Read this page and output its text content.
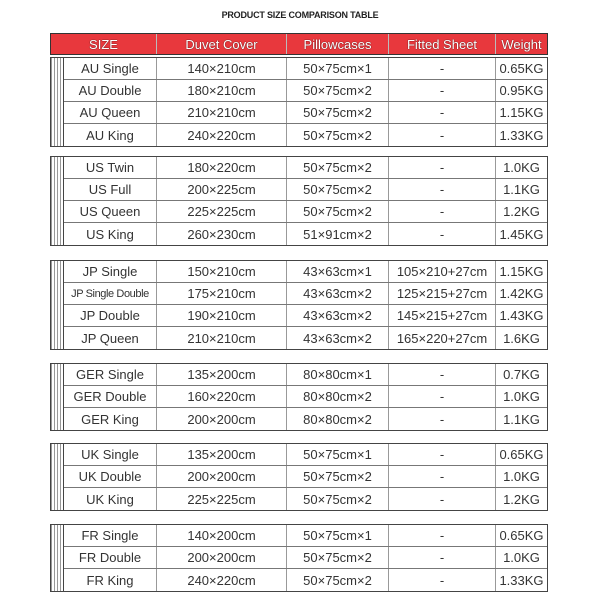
PRODUCT SIZE COMPARISON TABLE
SIZE	Duvet Cover	Pillowcases	Fitted Sheet	Weight
AU Single	140×210cm	50×75cm×1	-	0.65KG
AU Double	180×210cm	50×75cm×2	-	0.95KG
AU Queen	210×210cm	50×75cm×2	-	1.15KG
AU King	240×220cm	50×75cm×2	-	1.33KG
US Twin	180×220cm	50×75cm×2	-	1.0KG
US Full	200×225cm	50×75cm×2	-	1.1KG
US Queen	225×225cm	50×75cm×2	-	1.2KG
US King	260×230cm	51×91cm×2	-	1.45KG
JP Single	150×210cm	43×63cm×1	105×210+27cm 1.15KG
JP Single Double	175×210cm	43×63cm×2	125×215+27cm 1.42KG
JP Double	190×210cm	43×63cm×2	145×215+27cm 1.43KG
JP Queen	210×210cm	43×63cm×2	165×220+27cm	1.6KG
GER Single	135×200cm	80×80cm×1	-	0.7KG
GER Double	160×220cm	80×80cm×2	-	1.0KG
GER King	200×200cm	80×80cm×2	-	1.1KG
UK Single	135×200cm	50×75cm×1	-	0.65KG
UK Double	200×200cm	50×75cm×2	-	1.0KG
UK King	225×225cm	50×75cm×2	-	1.2KG
FR Single	140×200cm	50×75cm×1	-	0.65KG
FR Double	200×200cm	50×75cm×2	-	1.0KG
FR King	240×220cm	50×75cm×2	-	1.33KG
